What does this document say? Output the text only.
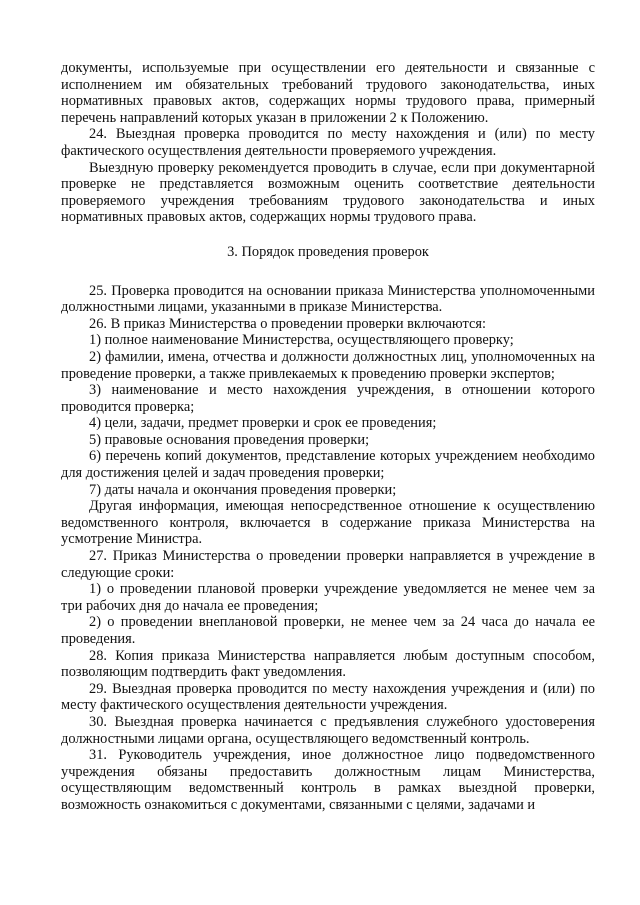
документы, используемые при осуществлении его деятельности и связанные с исполнением им обязательных требований трудового законодательства, иных нормативных правовых актов, содержащих нормы трудового права, примерный перечень направлений которых указан в приложении 2 к Положению.

24. Выездная проверка проводится по месту нахождения и (или) по месту фактического осуществления деятельности проверяемого учреждения.

Выездную проверку рекомендуется проводить в случае, если при документарной проверке не представляется возможным оценить соответствие деятельности проверяемого учреждения требованиям трудового законодательства и иных нормативных правовых актов, содержащих нормы трудового права.

3. Порядок проведения проверок

25. Проверка проводится на основании приказа Министерства уполномоченными должностными лицами, указанными в приказе Министерства.

26. В приказ Министерства о проведении проверки включаются:

1) полное наименование Министерства, осуществляющего проверку;

2) фамилии, имена, отчества и должности должностных лиц, уполномоченных на проведение проверки, а также привлекаемых к проведению проверки экспертов;

3) наименование и место нахождения учреждения, в отношении которого проводится проверка;

4) цели, задачи, предмет проверки и срок ее проведения;

5) правовые основания проведения проверки;

6) перечень копий документов, представление которых учреждением необходимо для достижения целей и задач проведения проверки;

7) даты начала и окончания проведения проверки;

Другая информация, имеющая непосредственное отношение к осуществлению ведомственного контроля, включается в содержание приказа Министерства на усмотрение Министра.

27. Приказ Министерства о проведении проверки направляется в учреждение в следующие сроки:

1) о проведении плановой проверки учреждение уведомляется не менее чем за три рабочих дня до начала ее проведения;

2) о проведении внеплановой проверки, не менее чем за 24 часа до начала ее проведения.

28. Копия приказа Министерства направляется любым доступным способом, позволяющим подтвердить факт уведомления.

29. Выездная проверка проводится по месту нахождения учреждения и (или) по месту фактического осуществления деятельности учреждения.

30. Выездная проверка начинается с предъявления служебного удостоверения должностными лицами органа, осуществляющего ведомственный контроль.

31. Руководитель учреждения, иное должностное лицо подведомственного учреждения обязаны предоставить должностным лицам Министерства, осуществляющим ведомственный контроль в рамках выездной проверки, возможность ознакомиться с документами, связанными с целями, задачами и
